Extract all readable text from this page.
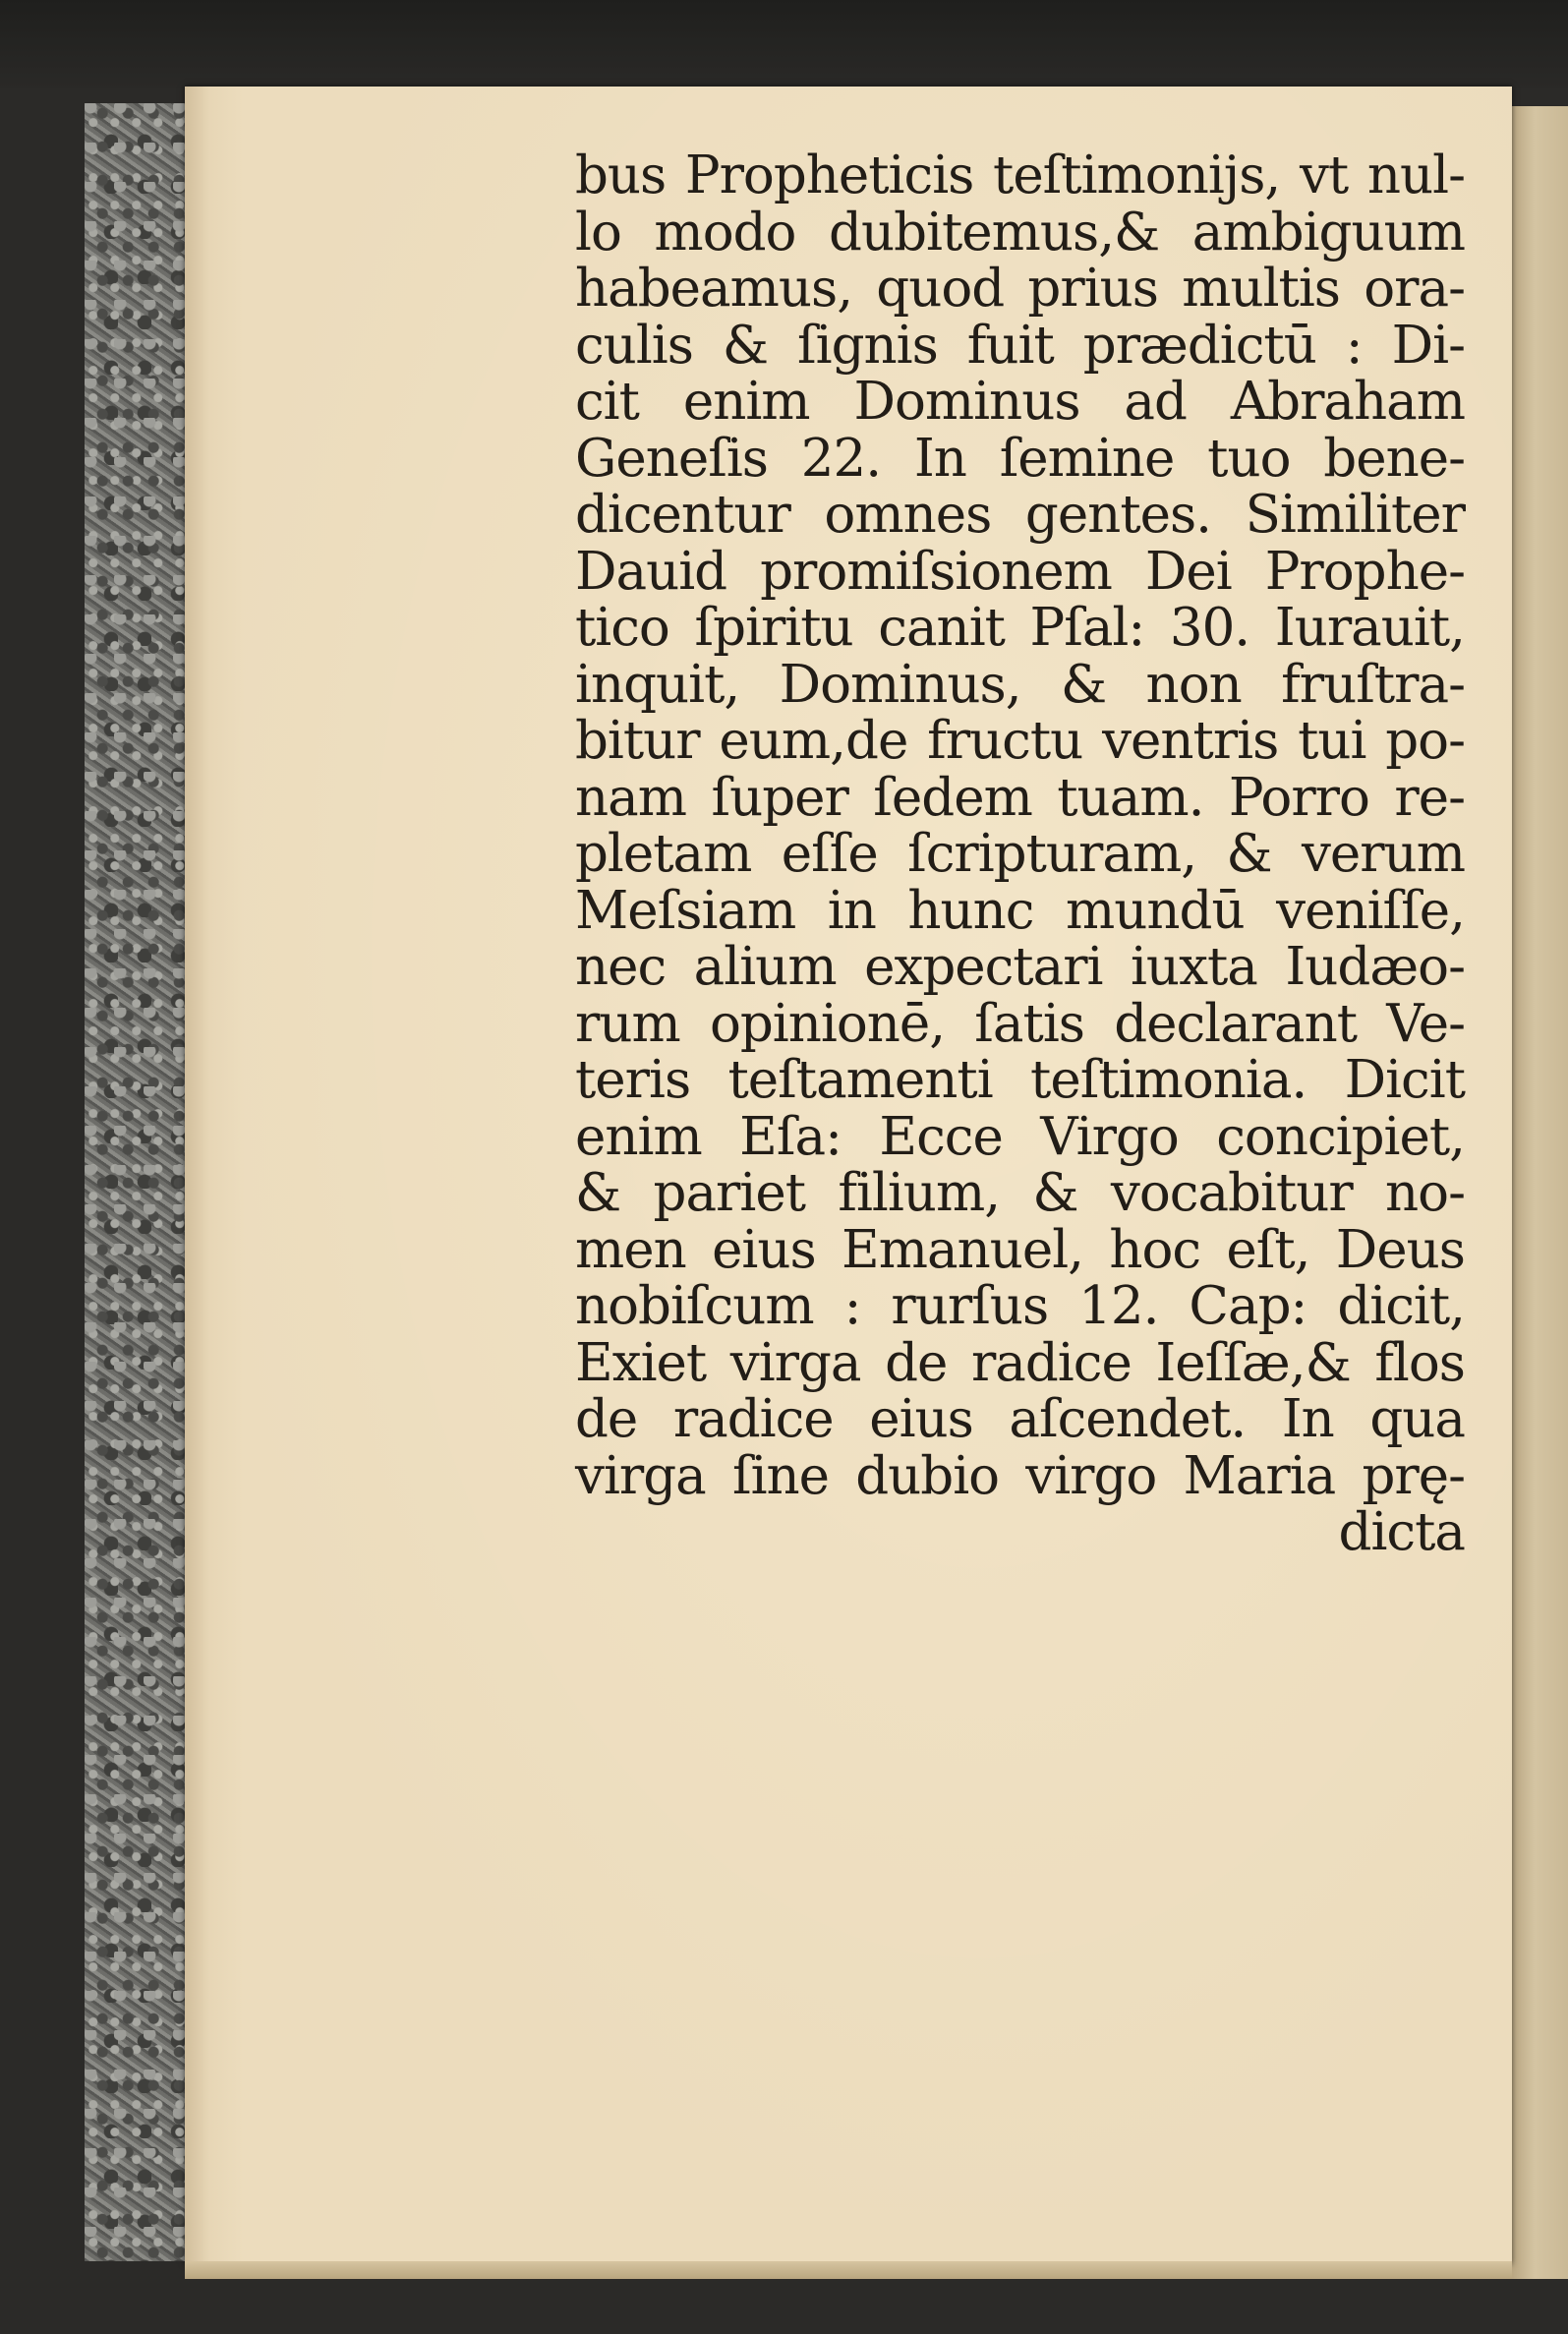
bus Propheticis teſtimonijs, vt nul-
lo modo dubitemus,& ambiguum
habeamus, quod prius multis ora-
culis & ſignis fuit prædictū : Di-
cit enim Dominus ad Abraham
Geneſis 22. In ſemine tuo bene-
dicentur omnes gentes. Similiter
Dauid promiſsionem Dei Prophe-
tico ſpiritu canit Pſal: 30. Iurauit,
inquit, Dominus, & non fruſtra-
bitur eum,de fructu ventris tui po-
nam ſuper ſedem tuam. Porro re-
pletam eſſe ſcripturam, & verum
Meſsiam in hunc mundū veniſſe,
nec alium expectari iuxta Iudæo-
rum opinionē, ſatis declarant Ve-
teris teſtamenti teſtimonia. Dicit
enim Eſa: Ecce Virgo concipiet,
& pariet filium, & vocabitur no-
men eius Emanuel, hoc eſt, Deus
nobiſcum : rurſus 12. Cap: dicit,
Exiet virga de radice Ieſſæ,& flos
de radice eius aſcendet. In qua
virga ſine dubio virgo Maria prę-
dicta
